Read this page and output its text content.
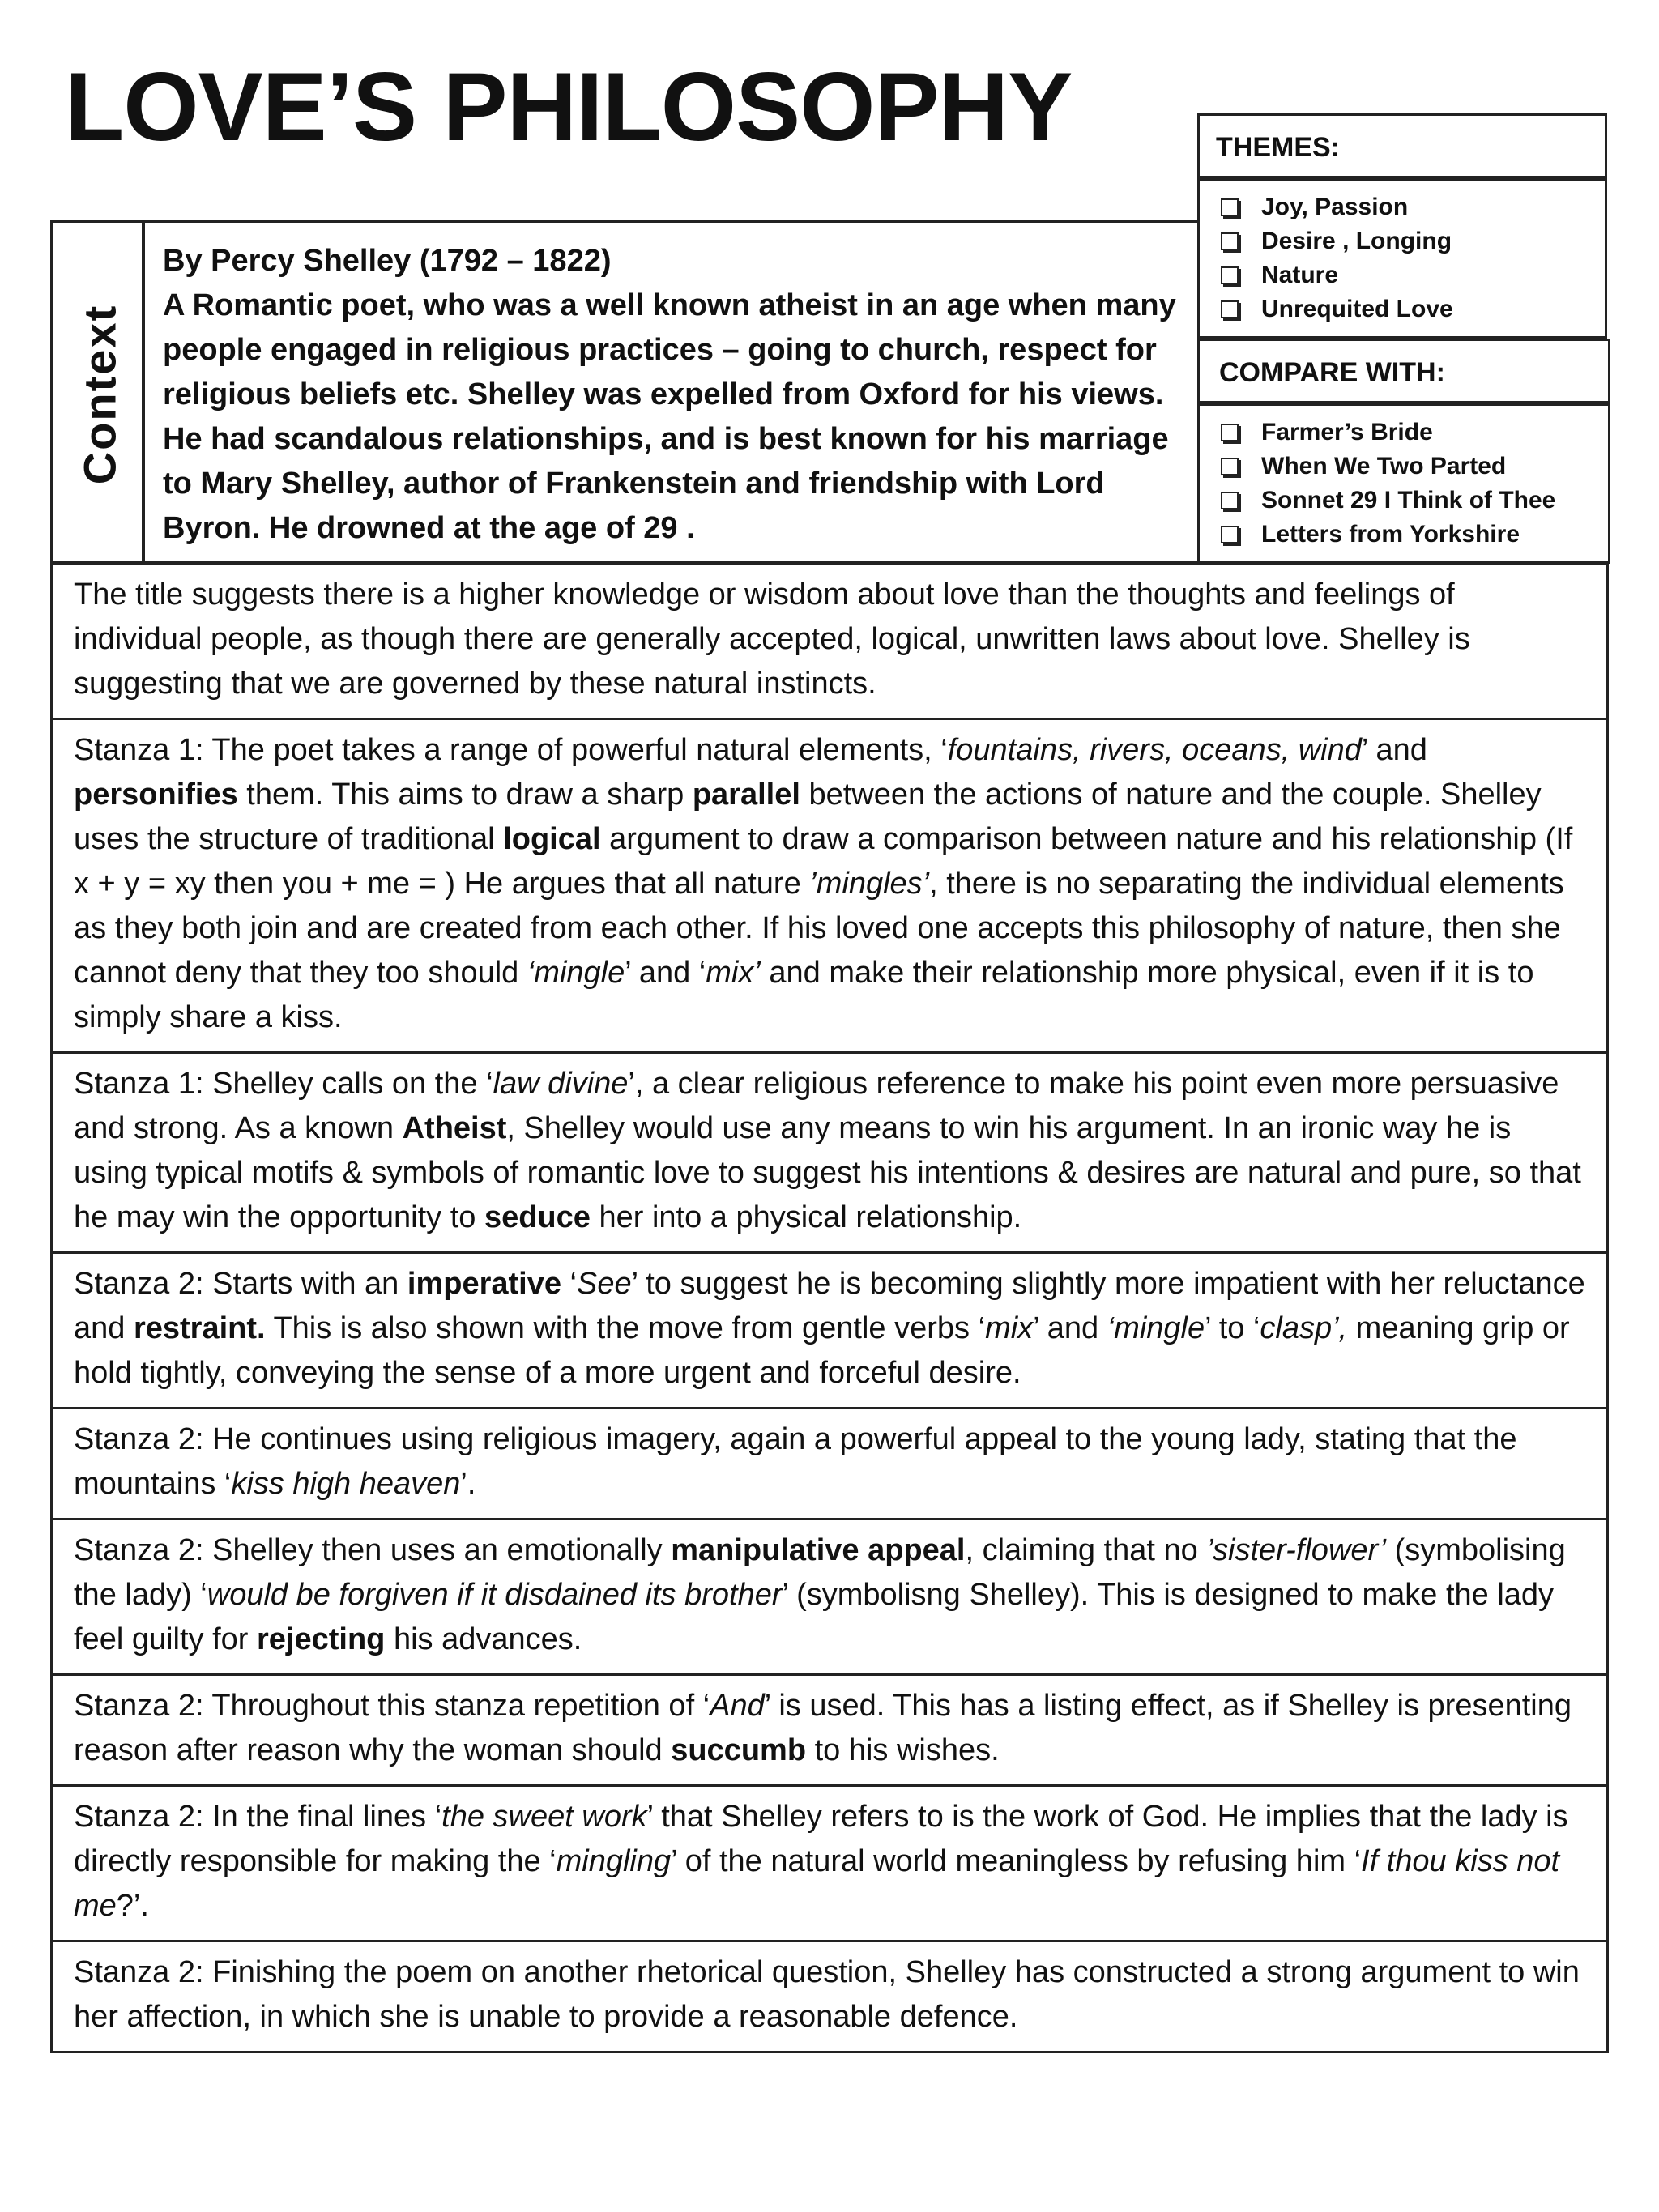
LOVE’S PHILOSOPHY	THEMES:
Joy, Passion
Desire , Longing
Nature
Unrequited Love
COMPARE WITH:
Farmer’s Bride
When We Two Parted
Sonnet 29 I Think of Thee
Letters from Yorkshire
Context

By Percy Shelley (1792 – 1822)

A Romantic poet, who was a well known atheist in an age when many people engaged in religious practices – going to church, respect for religious beliefs etc. Shelley was expelled from Oxford for his views. He had scandalous relationships, and is best known for his marriage to Mary Shelley, author of Frankenstein and friendship with Lord Byron. He drowned at the age of 29 .

The title suggests there is a higher knowledge or wisdom about love than the thoughts and feelings of individual people, as though there are generally accepted, logical, unwritten laws about love. Shelley is suggesting that we are governed by these natural instincts.

Stanza 1: The poet takes a range of powerful natural elements, ‘fountains, rivers, oceans, wind’ and personifies them. This aims to draw a sharp parallel between the actions of nature and the couple. Shelley uses the structure of traditional logical argument to draw a comparison between nature and his relationship (If x + y = xy then you + me = ) He argues that all nature ’mingles’, there is no separating the individual elements as they both join and are created from each other. If his loved one accepts this philosophy of nature, then she cannot deny that they too should ‘mingle’ and ‘mix’ and make their relationship more physical, even if it is to simply share a kiss.

Stanza 1: Shelley calls on the ‘law divine’, a clear religious reference to make his point even more persuasive and strong. As a known Atheist, Shelley would use any means to win his argument. In an ironic way he is using typical motifs & symbols of romantic love to suggest his intentions & desires are natural and pure, so that he may win the opportunity to seduce her into a physical relationship.

Stanza 2: Starts with an imperative ‘See’ to suggest he is becoming slightly more impatient with her reluctance and restraint. This is also shown with the move from gentle verbs ‘mix’ and ‘mingle’ to ‘clasp’, meaning grip or hold tightly, conveying the sense of a more urgent and forceful desire.

Stanza 2: He continues using religious imagery, again a powerful appeal to the young lady, stating that the mountains ‘kiss high heaven’.

Stanza 2: Shelley then uses an emotionally manipulative appeal, claiming that no ’sister-flower’ (symbolising the lady) ‘would be forgiven if it disdained its brother’ (symbolisng Shelley). This is designed to make the lady feel guilty for rejecting his advances.

Stanza 2: Throughout this stanza repetition of ‘And’ is used. This has a listing effect, as if Shelley is presenting reason after reason why the woman should succumb to his wishes.

Stanza 2: In the final lines ‘the sweet work’ that Shelley refers to is the work of God. He implies that the lady is directly responsible for making the ‘mingling’ of the natural world meaningless by refusing him ‘If thou kiss not me?’.

Stanza 2: Finishing the poem on another rhetorical question, Shelley has constructed a strong argument to win her affection, in which she is unable to provide a reasonable defence.
